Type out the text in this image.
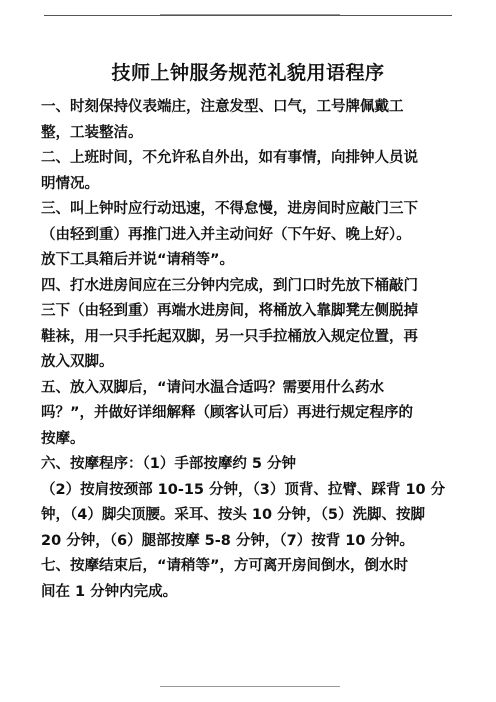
技师上钟服务规范礼貌用语程序
一、时刻保持仪表端庄，注意发型、口气，工号牌佩戴工
整，工装整洁。
二、上班时间，不允许私自外出，如有事情，向排钟人员说
明情况。
三、叫上钟时应行动迅速，不得怠慢，进房间时应敲门三下
（由轻到重）再推门进入并主动问好（下午好、晚上好）。
放下工具箱后并说“请稍等”。
四、打水进房间应在三分钟内完成，到门口时先放下桶敲门
三下（由轻到重）再端水进房间，将桶放入靠脚凳左侧脱掉
鞋袜，用一只手托起双脚，另一只手拉桶放入规定位置，再
放入双脚。
五、放入双脚后，“请问水温合适吗？需要用什么药水
吗？”，并做好详细解释（顾客认可后）再进行规定程序的
按摩。
六、按摩程序：（1）手部按摩约 5 分钟
（2）按肩按颈部 10-15 分钟，（3）顶背、拉臂、踩背 10 分
钟，（4）脚尖顶腰。采耳、按头 10 分钟，（5）洗脚、按脚
20 分钟，（6）腿部按摩 5-8 分钟，（7）按背 10 分钟。
七、按摩结束后，“请稍等”，方可离开房间倒水，倒水时
间在 1 分钟内完成。
